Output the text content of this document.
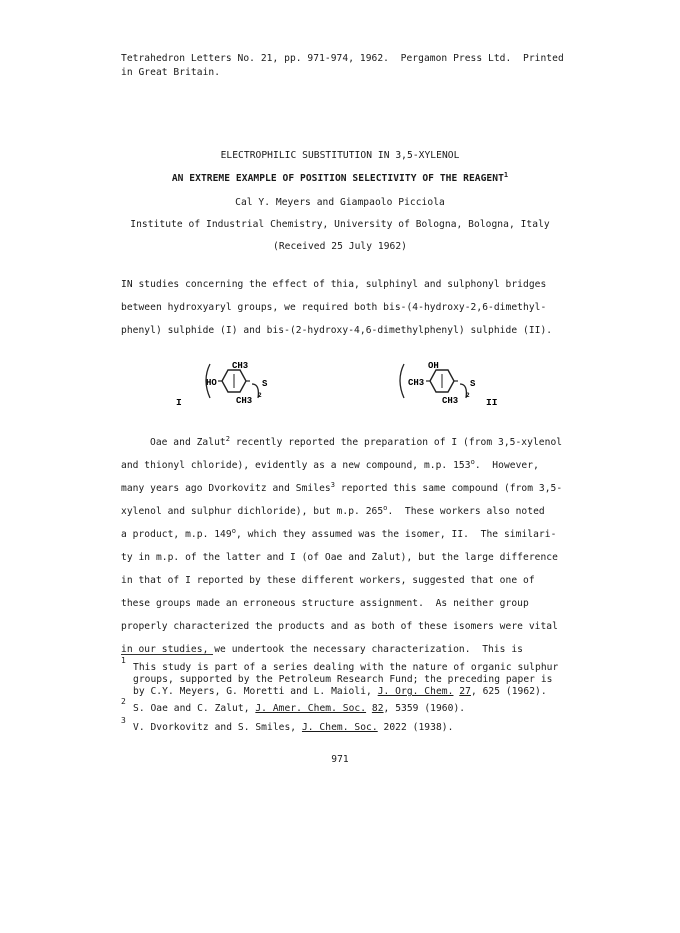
Tetrahedron Letters No. 21, pp. 971-974, 1962.  Pergamon Press Ltd.  Printed
in Great Britain.
ELECTROPHILIC SUBSTITUTION IN 3,5-XYLENOL
AN EXTREME EXAMPLE OF POSITION SELECTIVITY OF THE REAGENT$^1$
Cal Y. Meyers and Giampaolo Picciola
Institute of Industrial Chemistry, University of Bologna, Bologna, Italy
(Received 25 July 1962)
IN studies concerning the effect of thia, sulphinyl and sulphonyl bridges
between hydroxyaryl groups, we required both bis-(4-hydroxy-2,6-dimethyl-
phenyl) sulphide (I) and bis-(2-hydroxy-4,6-dimethylphenyl) sulphide (II).
CH3
HO
CH3
S
2
I
OH
CH3
CH3
S
2
II
Oae and Zalut$^2$ recently reported the preparation of I (from 3,5-xylenol
and thionyl chloride), evidently as a new compound, m.p. 153$^o$.  However,
many years ago Dvorkovitz and Smiles$^3$ reported this same compound (from 3,5-
xylenol and sulphur dichloride), but m.p. 265$^o$.  These workers also noted
a product, m.p. 149$^o$, which they assumed was the isomer, II.  The similari-
ty in m.p. of the latter and I (of Oae and Zalut), but the large difference
in that of I reported by these different workers, suggested that one of
these groups made an erroneous structure assignment.  As neither group
properly characterized the products and as both of these isomers were vital
in our studies, we undertook the necessary characterization.  This is
1
This study is part of a series dealing with the nature of organic sulphur
groups, supported by the Petroleum Research Fund; the preceding paper is
by C.Y. Meyers, G. Moretti and L. Maioli, J. Org. Chem. 27, 625 (1962).
2
S. Oae and C. Zalut, J. Amer. Chem. Soc. 82, 5359 (1960).
3
V. Dvorkovitz and S. Smiles, J. Chem. Soc. 2022 (1938).
971
